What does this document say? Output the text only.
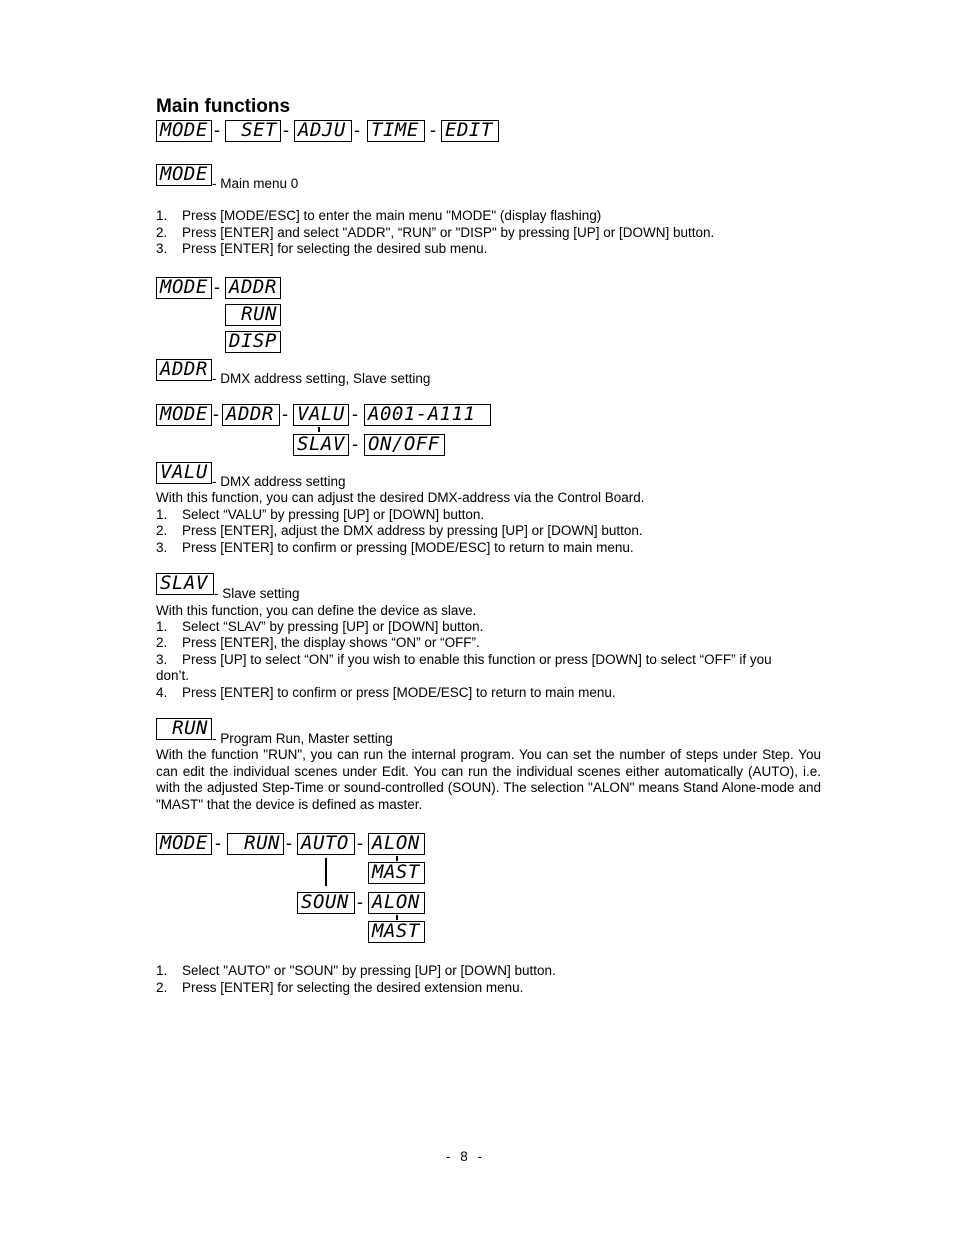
Main functions
MODE -	SET - ADJU - TIME - EDIT
MODE - Main menu 0
1. Press [MODE/ESC] to enter the main menu "MODE" (display flashing)
2. Press [ENTER] and select "ADDR", “RUN” or "DISP" by pressing [UP] or [DOWN] button.
3. Press [ENTER] for selecting the desired sub menu.
MODE - ADDR
RUN
DISP
ADDR - DMX address setting, Slave setting
MODE - ADDR - VALU - A001-A111
SLAV - ON/OFF
VALU - DMX address setting
With this function, you can adjust the desired DMX-address via the Control Board.
1. Select “VALU” by pressing [UP] or [DOWN] button.
2. Press [ENTER], adjust the DMX address by pressing [UP] or [DOWN] button.
3. Press [ENTER] to confirm or pressing [MODE/ESC] to return to main menu.
SLAV - Slave setting
With this function, you can define the device as slave.
1. Select “SLAV” by pressing [UP] or [DOWN] button.
2. Press [ENTER], the display shows “ON” or “OFF”.
3. Press [UP] to select “ON” if you wish to enable this function or press [DOWN] to select “OFF” if you
don’t.
4. Press [ENTER] to confirm or press [MODE/ESC] to return to main menu.
RUN - Program Run, Master setting
With the function "RUN", you can run the internal program. You can set the number of steps under Step. You can edit the individual scenes under Edit. You can run the individual scenes either automatically (AUTO), i.e. with the adjusted Step-Time or sound-controlled (SOUN). The selection "ALON" means Stand Alone-mode and "MAST" that the device is defined as master.
MODE -	RUN - AUTO - ALON
MAST
SOUN - ALON
MAST
1. Select "AUTO" or "SOUN" by pressing [UP] or [DOWN] button.
2. Press [ENTER] for selecting the desired extension menu.
- 8 -
